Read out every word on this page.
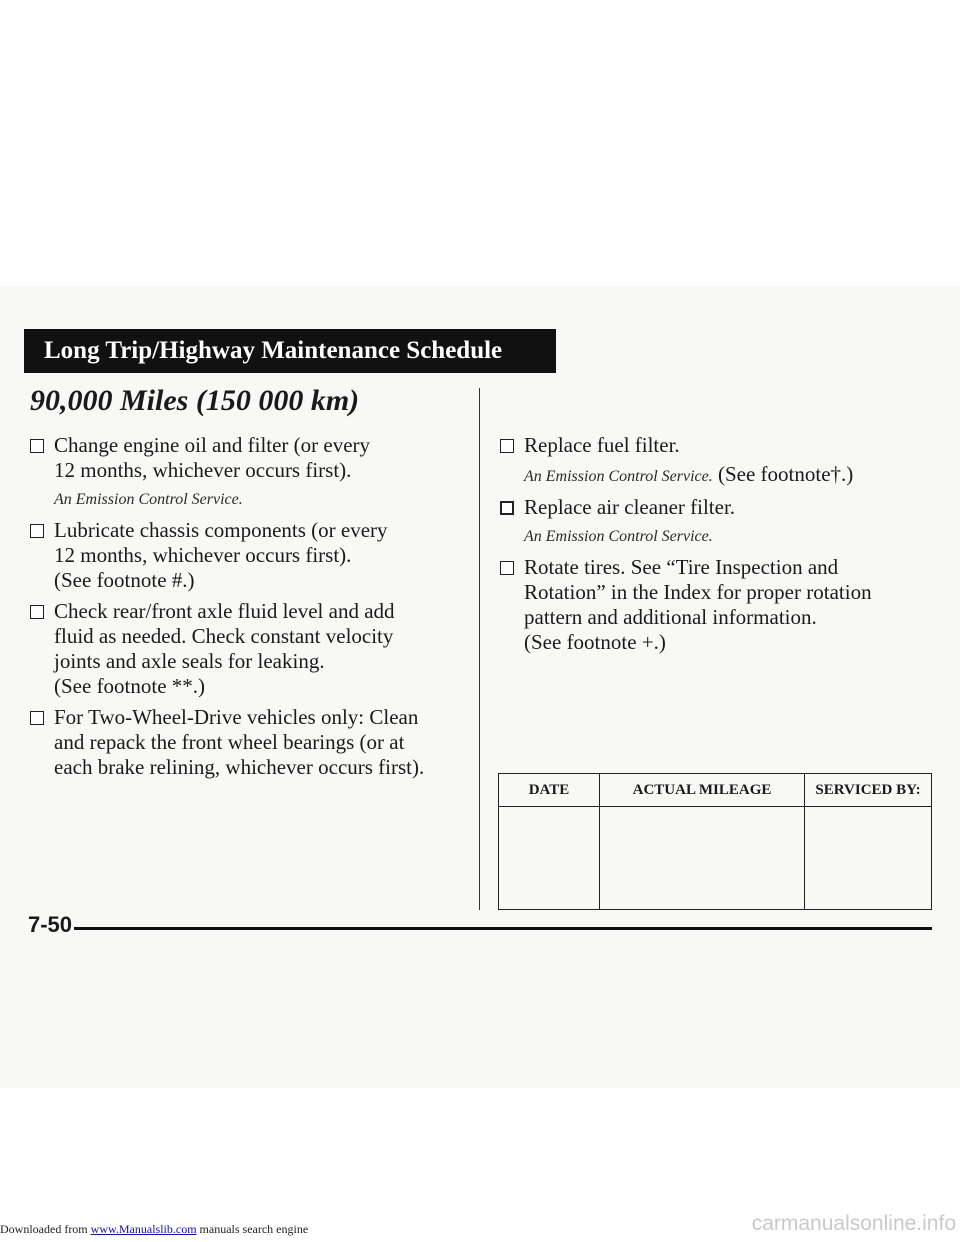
Long Trip/Highway Maintenance Schedule
90,000 Miles (150 000 km)
Change engine oil and filter (or every
12 months, whichever occurs first).
An Emission Control Service.
Lubricate chassis components (or every
12 months, whichever occurs first).
(See footnote #.)
Check rear/front axle fluid level and add
fluid as needed. Check constant velocity
joints and axle seals for leaking.
(See footnote **.)
For Two-Wheel-Drive vehicles only: Clean
and repack the front wheel bearings (or at
each brake relining, whichever occurs first).
Replace fuel filter.
An Emission Control Service. (See footnote†.)
Replace air cleaner filter.
An Emission Control Service.
Rotate tires. See “Tire Inspection and
Rotation” in the Index for proper rotation
pattern and additional information.
(See footnote +.)
DATE	ACTUAL MILEAGE	SERVICED BY:

7-50
Downloaded from www.Manualslib.com manuals search engine	carmanualsonline.info
